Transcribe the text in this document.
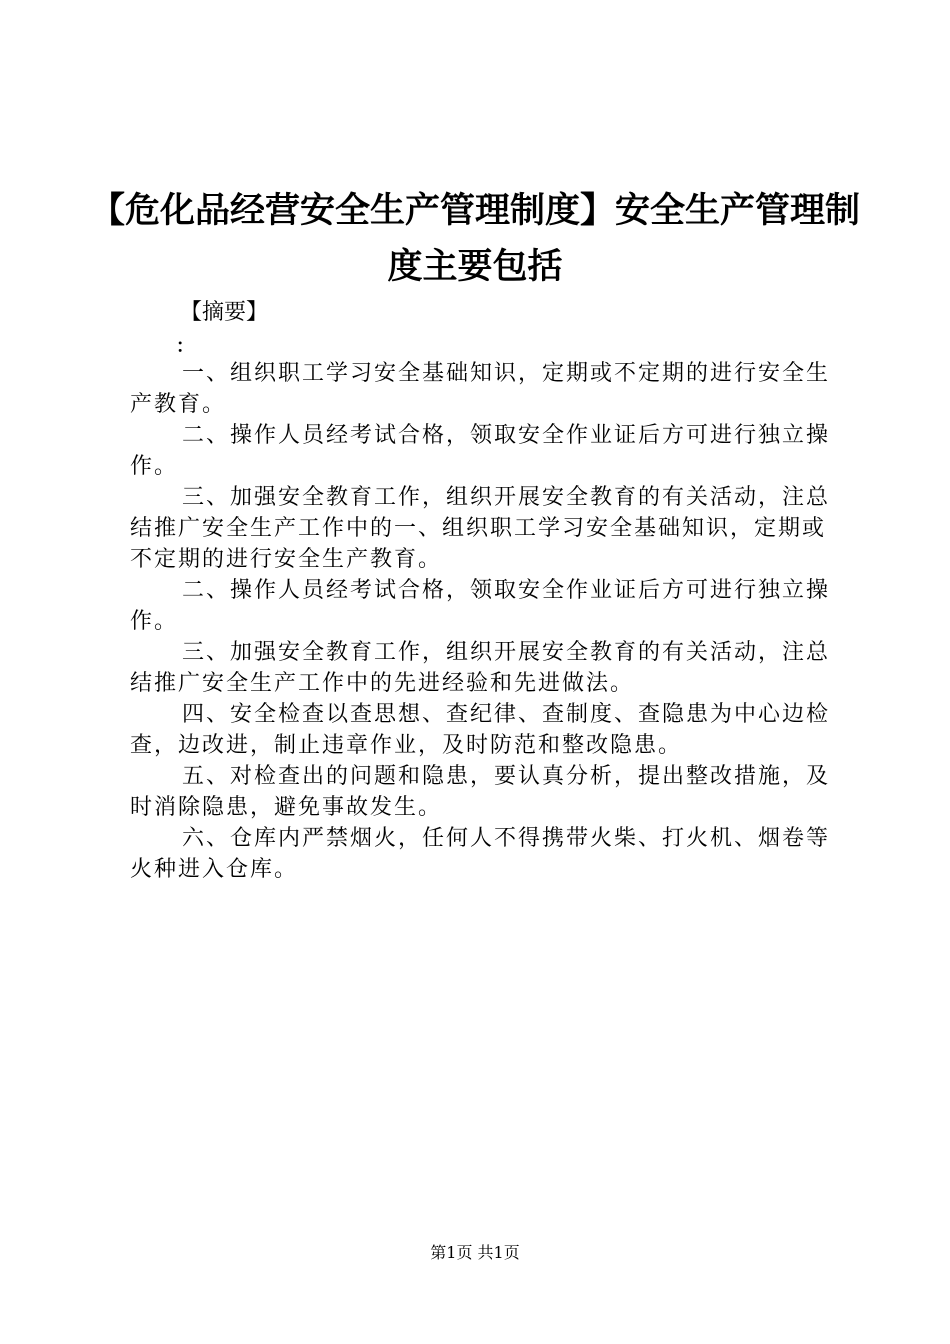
【危化品经营安全生产管理制度】安全生产管理制度主要包括
【摘要】
：

一、组织职工学习安全基础知识，定期或不定期的进行安全生产教育。

二、操作人员经考试合格，领取安全作业证后方可进行独立操作。

三、加强安全教育工作，组织开展安全教育的有关活动，注总结推广安全生产工作中的一、组织职工学习安全基础知识，定期或不定期的进行安全生产教育。

二、操作人员经考试合格，领取安全作业证后方可进行独立操作。

三、加强安全教育工作，组织开展安全教育的有关活动，注总结推广安全生产工作中的先进经验和先进做法。

四、安全检查以查思想、查纪律、查制度、查隐患为中心边检查，边改进，制止违章作业，及时防范和整改隐患。

五、对检查出的问题和隐患，要认真分析，提出整改措施，及时消除隐患，避免事故发生。

六、仓库内严禁烟火，任何人不得携带火柴、打火机、烟卷等火种进入仓库。

第1页 共1页
